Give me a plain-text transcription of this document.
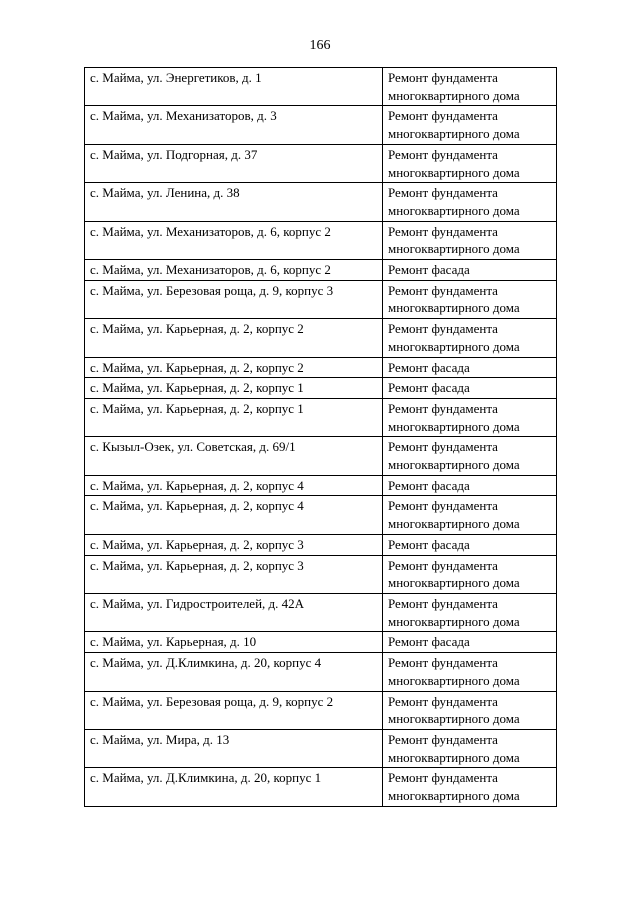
166
с. Майма, ул. Энергетиков, д. 1	Ремонт фундамента
многоквартирного дома
с. Майма, ул. Механизаторов, д. 3	Ремонт фундамента
многоквартирного дома
с. Майма, ул. Подгорная, д. 37	Ремонт фундамента
многоквартирного дома
с. Майма, ул. Ленина, д. 38	Ремонт фундамента
многоквартирного дома
с. Майма, ул. Механизаторов, д. 6, корпус 2	Ремонт фундамента
многоквартирного дома
с. Майма, ул. Механизаторов, д. 6, корпус 2	Ремонт фасада
с. Майма, ул. Березовая роща, д. 9, корпус 3	Ремонт фундамента
многоквартирного дома
с. Майма, ул. Карьерная, д. 2, корпус 2	Ремонт фундамента
многоквартирного дома
с. Майма, ул. Карьерная, д. 2, корпус 2	Ремонт фасада
с. Майма, ул. Карьерная, д. 2, корпус 1	Ремонт фасада
с. Майма, ул. Карьерная, д. 2, корпус 1	Ремонт фундамента
многоквартирного дома
с. Кызыл-Озек, ул. Советская, д. 69/1	Ремонт фундамента
многоквартирного дома
с. Майма, ул. Карьерная, д. 2, корпус 4	Ремонт фасада
с. Майма, ул. Карьерная, д. 2, корпус 4	Ремонт фундамента
многоквартирного дома
с. Майма, ул. Карьерная, д. 2, корпус 3	Ремонт фасада
с. Майма, ул. Карьерная, д. 2, корпус 3	Ремонт фундамента
многоквартирного дома
с. Майма, ул. Гидростроителей, д. 42А	Ремонт фундамента
многоквартирного дома
с. Майма, ул. Карьерная, д. 10	Ремонт фасада
с. Майма, ул. Д.Климкина, д. 20, корпус 4	Ремонт фундамента
многоквартирного дома
с. Майма, ул. Березовая роща, д. 9, корпус 2	Ремонт фундамента
многоквартирного дома
с. Майма, ул. Мира, д. 13	Ремонт фундамента
многоквартирного дома
с. Майма, ул. Д.Климкина, д. 20, корпус 1	Ремонт фундамента
многоквартирного дома
